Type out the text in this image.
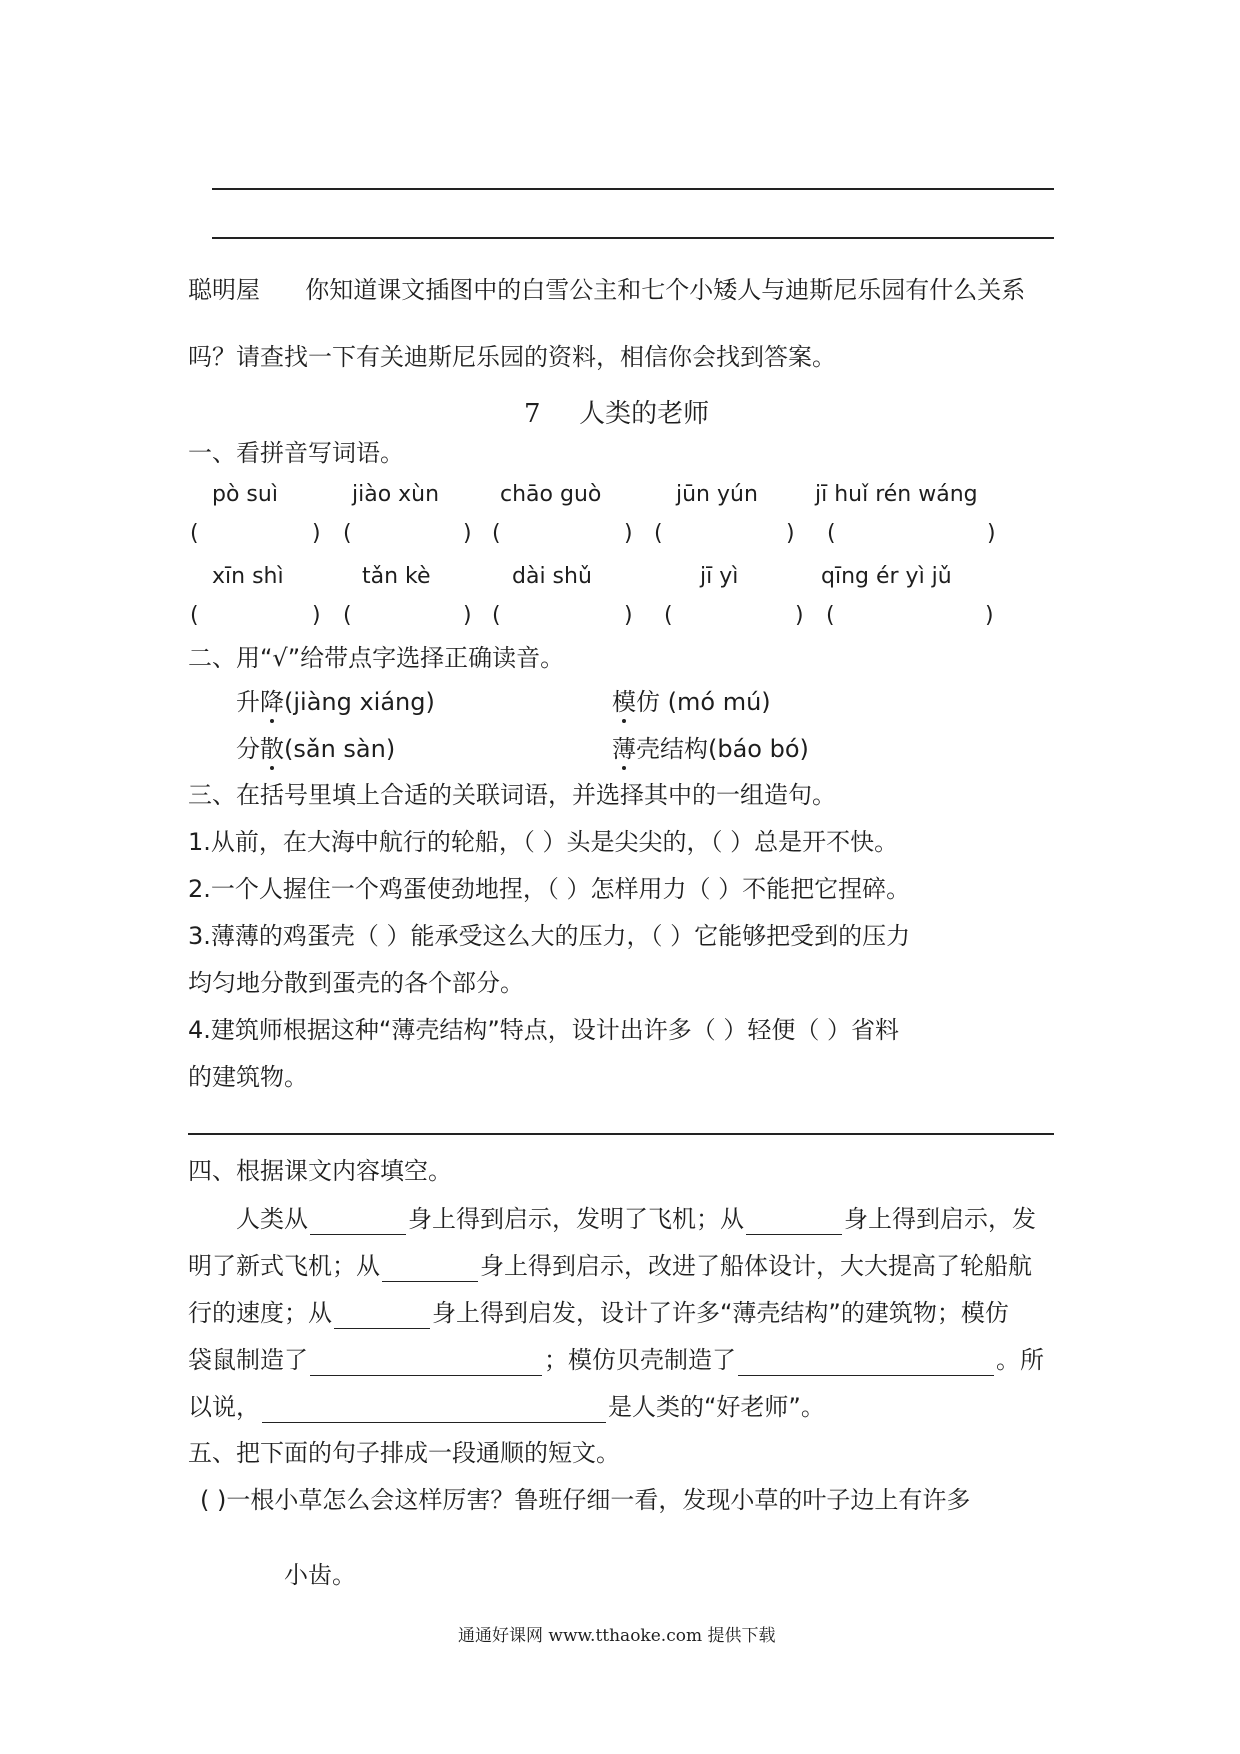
聪明屋 你知道课文插图中的白雪公主和七个小矮人与迪斯尼乐园有什么关系
吗？请查找一下有关迪斯尼乐园的资料，相信你会找到答案。
7 人类的老师
一、看拼音写词语。
pò suì	jiào xùn	chāo guò	jūn yún	jī huǐ rén wáng
(	) (	) (	) (	) (	)
xīn shì	tǎn kè	dài shǔ	jī yì	qīng ér yì jǔ
(	) (	) (	) (	) (	)
二、用“√”给带点字选择正确读音。
升降(jiàng xiáng)	模仿 (mó mú)
分散(sǎn sàn)	薄壳结构(báo bó)
三、在括号里填上合适的关联词语，并选择其中的一组造句。
1.从前，在大海中航行的轮船，（ ）头是尖尖的，（ ）总是开不快。
2.一个人握住一个鸡蛋使劲地捏，（ ）怎样用力（ ）不能把它捏碎。
3.薄薄的鸡蛋壳（ ）能承受这么大的压力，（ ）它能够把受到的压力
均匀地分散到蛋壳的各个部分。
4.建筑师根据这种“薄壳结构”特点，设计出许多（ ）轻便（ ）省料
的建筑物。
四、根据课文内容填空。
人类从	身上得到启示，发明了飞机；从	身上得到启示，发
明了新式飞机；从	身上得到启示，改进了船体设计，大大提高了轮船航
行的速度；从	身上得到启发，设计了许多“薄壳结构”的建筑物；模仿
袋鼠制造了	；模仿贝壳制造了	。所
以说，	是人类的“好老师”。
五、把下面的句子排成一段通顺的短文。
( )一根小草怎么会这样厉害？鲁班仔细一看，发现小草的叶子边上有许多
小齿。
通通好课网 www.tthaoke.com 提供下载
